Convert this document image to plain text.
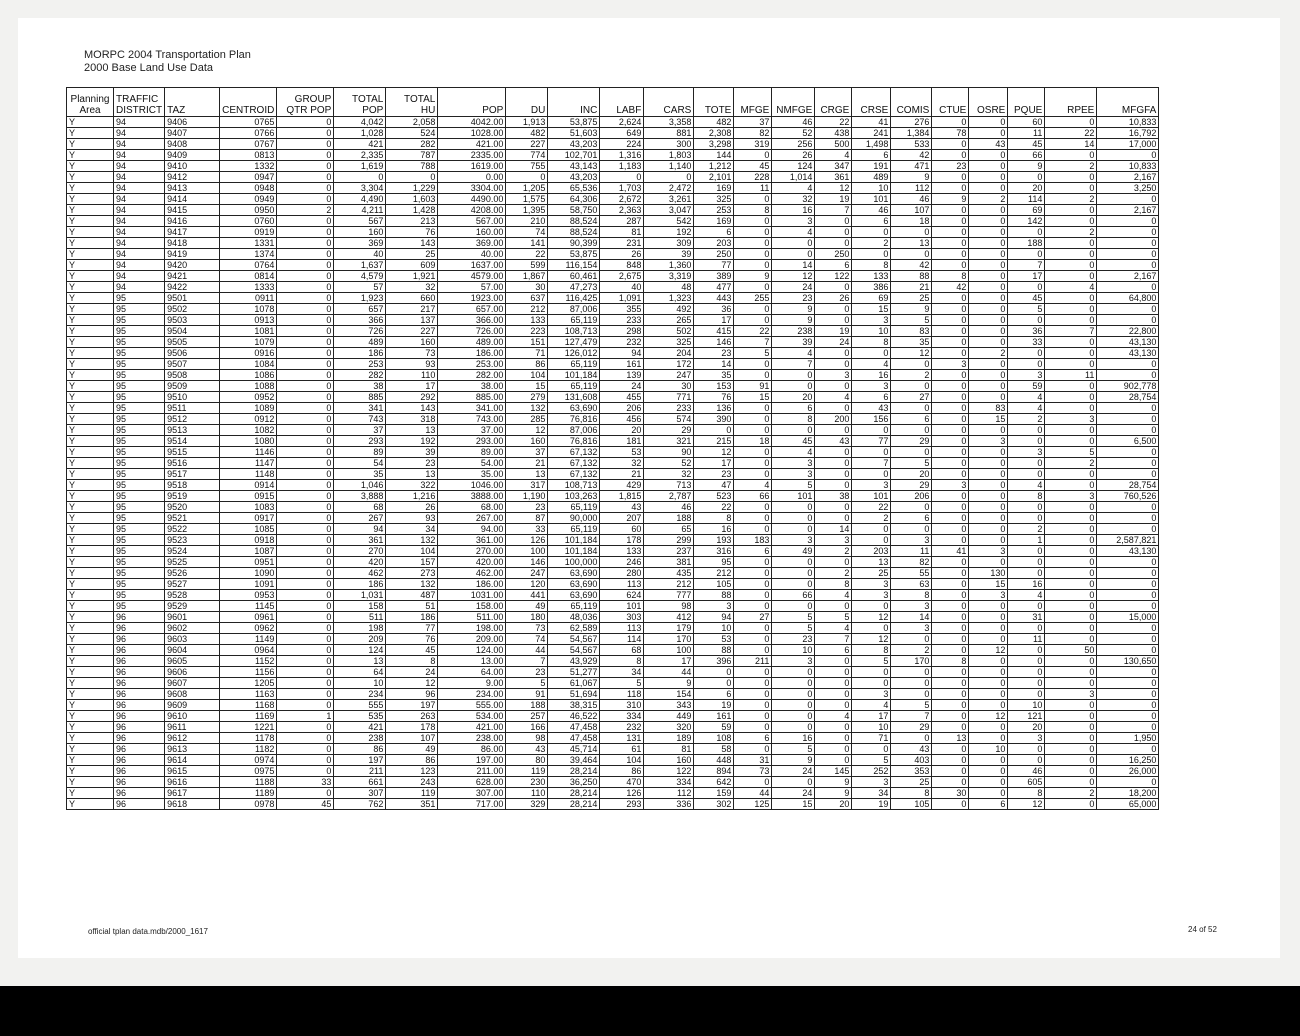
MORPC 2004 Transportation Plan
2000 Base Land Use Data
Planning Area	TRAFFIC DISTRICT	TAZ	CENTROID	GROUP QTR POP	TOTAL POP	TOTAL HU	POP	DU	INC	LABF	CARS	TOTE	MFGE	NMFGE	CRGE	CRSE	COMIS	CTUE	OSRE	PQUE	RPEE	MFGFA
Y	94	9406	0765	0	4,042	2,058	4042.00	1,913	53,875	2,624	3,358	482	37	46	22	41	276	0	0	60	0	10,833
Y	94	9407	0766	0	1,028	524	1028.00	482	51,603	649	881	2,308	82	52	438	241	1,384	78	0	11	22	16,792
Y	94	9408	0767	0	421	282	421.00	227	43,203	224	300	3,298	319	256	500	1,498	533	0	43	45	14	17,000
Y	94	9409	0813	0	2,335	787	2335.00	774	102,701	1,316	1,803	144	0	26	4	6	42	0	0	66	0	0
Y	94	9410	1332	0	1,619	788	1619.00	755	43,143	1,183	1,140	1,212	45	124	347	191	471	23	0	9	2	10,833
Y	94	9412	0947	0	0	0	0.00	0	43,203	0	0	2,101	228	1,014	361	489	9	0	0	0	0	2,167
Y	94	9413	0948	0	3,304	1,229	3304.00	1,205	65,536	1,703	2,472	169	11	4	12	10	112	0	0	20	0	3,250
Y	94	9414	0949	0	4,490	1,603	4490.00	1,575	64,306	2,672	3,261	325	0	32	19	101	46	9	2	114	2	0
Y	94	9415	0950	2	4,211	1,428	4208.00	1,395	58,750	2,363	3,047	253	8	16	7	46	107	0	0	69	0	2,167
Y	94	9416	0760	0	567	213	567.00	210	88,524	287	542	169	0	3	0	6	18	0	0	142	0	0
Y	94	9417	0919	0	160	76	160.00	74	88,524	81	192	6	0	4	0	0	0	0	0	0	2	0
Y	94	9418	1331	0	369	143	369.00	141	90,399	231	309	203	0	0	0	2	13	0	0	188	0	0
Y	94	9419	1374	0	40	25	40.00	22	53,875	26	39	250	0	0	250	0	0	0	0	0	0	0
Y	94	9420	0764	0	1,637	609	1637.00	599	116,154	848	1,360	77	0	14	6	8	42	0	0	7	0	0
Y	94	9421	0814	0	4,579	1,921	4579.00	1,867	60,461	2,675	3,319	389	9	12	122	133	88	8	0	17	0	2,167
Y	94	9422	1333	0	57	32	57.00	30	47,273	40	48	477	0	24	0	386	21	42	0	0	4	0
Y	95	9501	0911	0	1,923	660	1923.00	637	116,425	1,091	1,323	443	255	23	26	69	25	0	0	45	0	64,800
Y	95	9502	1078	0	657	217	657.00	212	87,006	355	492	36	0	9	0	15	9	0	0	5	0	0
Y	95	9503	0913	0	366	137	366.00	133	65,119	233	265	17	0	9	0	3	5	0	0	0	0	0
Y	95	9504	1081	0	726	227	726.00	223	108,713	298	502	415	22	238	19	10	83	0	0	36	7	22,800
Y	95	9505	1079	0	489	160	489.00	151	127,479	232	325	146	7	39	24	8	35	0	0	33	0	43,130
Y	95	9506	0916	0	186	73	186.00	71	126,012	94	204	23	5	4	0	0	12	0	2	0	0	43,130
Y	95	9507	1084	0	253	93	253.00	86	65,119	161	172	14	0	7	0	4	0	3	0	0	0	0
Y	95	9508	1086	0	282	110	282.00	104	101,184	139	247	35	0	0	3	16	2	0	0	3	11	0
Y	95	9509	1088	0	38	17	38.00	15	65,119	24	30	153	91	0	0	3	0	0	0	59	0	902,778
Y	95	9510	0952	0	885	292	885.00	279	131,608	455	771	76	15	20	4	6	27	0	0	4	0	28,754
Y	95	9511	1089	0	341	143	341.00	132	63,690	206	233	136	0	6	0	43	0	0	83	4	0	0
Y	95	9512	0912	0	743	318	743.00	285	76,816	456	574	390	0	8	200	156	6	0	15	2	3	0
Y	95	9513	1082	0	37	13	37.00	12	87,006	20	29	0	0	0	0	0	0	0	0	0	0	0
Y	95	9514	1080	0	293	192	293.00	160	76,816	181	321	215	18	45	43	77	29	0	3	0	0	6,500
Y	95	9515	1146	0	89	39	89.00	37	67,132	53	90	12	0	4	0	0	0	0	0	3	5	0
Y	95	9516	1147	0	54	23	54.00	21	67,132	32	52	17	0	3	0	7	5	0	0	0	2	0
Y	95	9517	1148	0	35	13	35.00	13	67,132	21	32	23	0	3	0	0	20	0	0	0	0	0
Y	95	9518	0914	0	1,046	322	1046.00	317	108,713	429	713	47	4	5	0	3	29	3	0	4	0	28,754
Y	95	9519	0915	0	3,888	1,216	3888.00	1,190	103,263	1,815	2,787	523	66	101	38	101	206	0	0	8	3	760,526
Y	95	9520	1083	0	68	26	68.00	23	65,119	43	46	22	0	0	0	22	0	0	0	0	0	0
Y	95	9521	0917	0	267	93	267.00	87	90,000	207	188	8	0	0	0	2	6	0	0	0	0	0
Y	95	9522	1085	0	94	34	94.00	33	65,119	60	65	16	0	0	14	0	0	0	0	2	0	0
Y	95	9523	0918	0	361	132	361.00	126	101,184	178	299	193	183	3	3	0	3	0	0	1	0	2,587,821
Y	95	9524	1087	0	270	104	270.00	100	101,184	133	237	316	6	49	2	203	11	41	3	0	0	43,130
Y	95	9525	0951	0	420	157	420.00	146	100,000	246	381	95	0	0	0	13	82	0	0	0	0	0
Y	95	9526	1090	0	462	273	462.00	247	63,690	280	435	212	0	0	2	25	55	0	130	0	0	0
Y	95	9527	1091	0	186	132	186.00	120	63,690	113	212	105	0	0	8	3	63	0	15	16	0	0
Y	95	9528	0953	0	1,031	487	1031.00	441	63,690	624	777	88	0	66	4	3	8	0	3	4	0	0
Y	95	9529	1145	0	158	51	158.00	49	65,119	101	98	3	0	0	0	0	3	0	0	0	0	0
Y	96	9601	0961	0	511	186	511.00	180	48,036	303	412	94	27	5	5	12	14	0	0	31	0	15,000
Y	96	9602	0962	0	198	77	198.00	73	62,589	113	179	10	0	5	4	0	3	0	0	0	0	0
Y	96	9603	1149	0	209	76	209.00	74	54,567	114	170	53	0	23	7	12	0	0	0	11	0	0
Y	96	9604	0964	0	124	45	124.00	44	54,567	68	100	88	0	10	6	8	2	0	12	0	50	0
Y	96	9605	1152	0	13	8	13.00	7	43,929	8	17	396	211	3	0	5	170	8	0	0	0	130,650
Y	96	9606	1156	0	64	24	64.00	23	51,277	34	44	0	0	0	0	0	0	0	0	0	0	0
Y	96	9607	1205	0	10	12	9.00	5	61,067	5	9	0	0	0	0	0	0	0	0	0	0	0
Y	96	9608	1163	0	234	96	234.00	91	51,694	118	154	6	0	0	0	3	0	0	0	0	3	0
Y	96	9609	1168	0	555	197	555.00	188	38,315	310	343	19	0	0	0	4	5	0	0	10	0	0
Y	96	9610	1169	1	535	263	534.00	257	46,522	334	449	161	0	0	4	17	7	0	12	121	0	0
Y	96	9611	1221	0	421	178	421.00	166	47,458	232	320	59	0	0	0	10	29	0	0	20	0	0
Y	96	9612	1178	0	238	107	238.00	98	47,458	131	189	108	6	16	0	71	0	13	0	3	0	1,950
Y	96	9613	1182	0	86	49	86.00	43	45,714	61	81	58	0	5	0	0	43	0	10	0	0	0
Y	96	9614	0974	0	197	86	197.00	80	39,464	104	160	448	31	9	0	5	403	0	0	0	0	16,250
Y	96	9615	0975	0	211	123	211.00	119	28,214	86	122	894	73	24	145	252	353	0	0	46	0	26,000
Y	96	9616	1188	33	661	243	628.00	230	36,250	470	334	642	0	0	9	3	25	0	0	605	0	0
Y	96	9617	1189	0	307	119	307.00	110	28,214	126	112	159	44	24	9	34	8	30	0	8	2	18,200
Y	96	9618	0978	45	762	351	717.00	329	28,214	293	336	302	125	15	20	19	105	0	6	12	0	65,000
official tplan data.mdb/2000_1617	24 of 52
